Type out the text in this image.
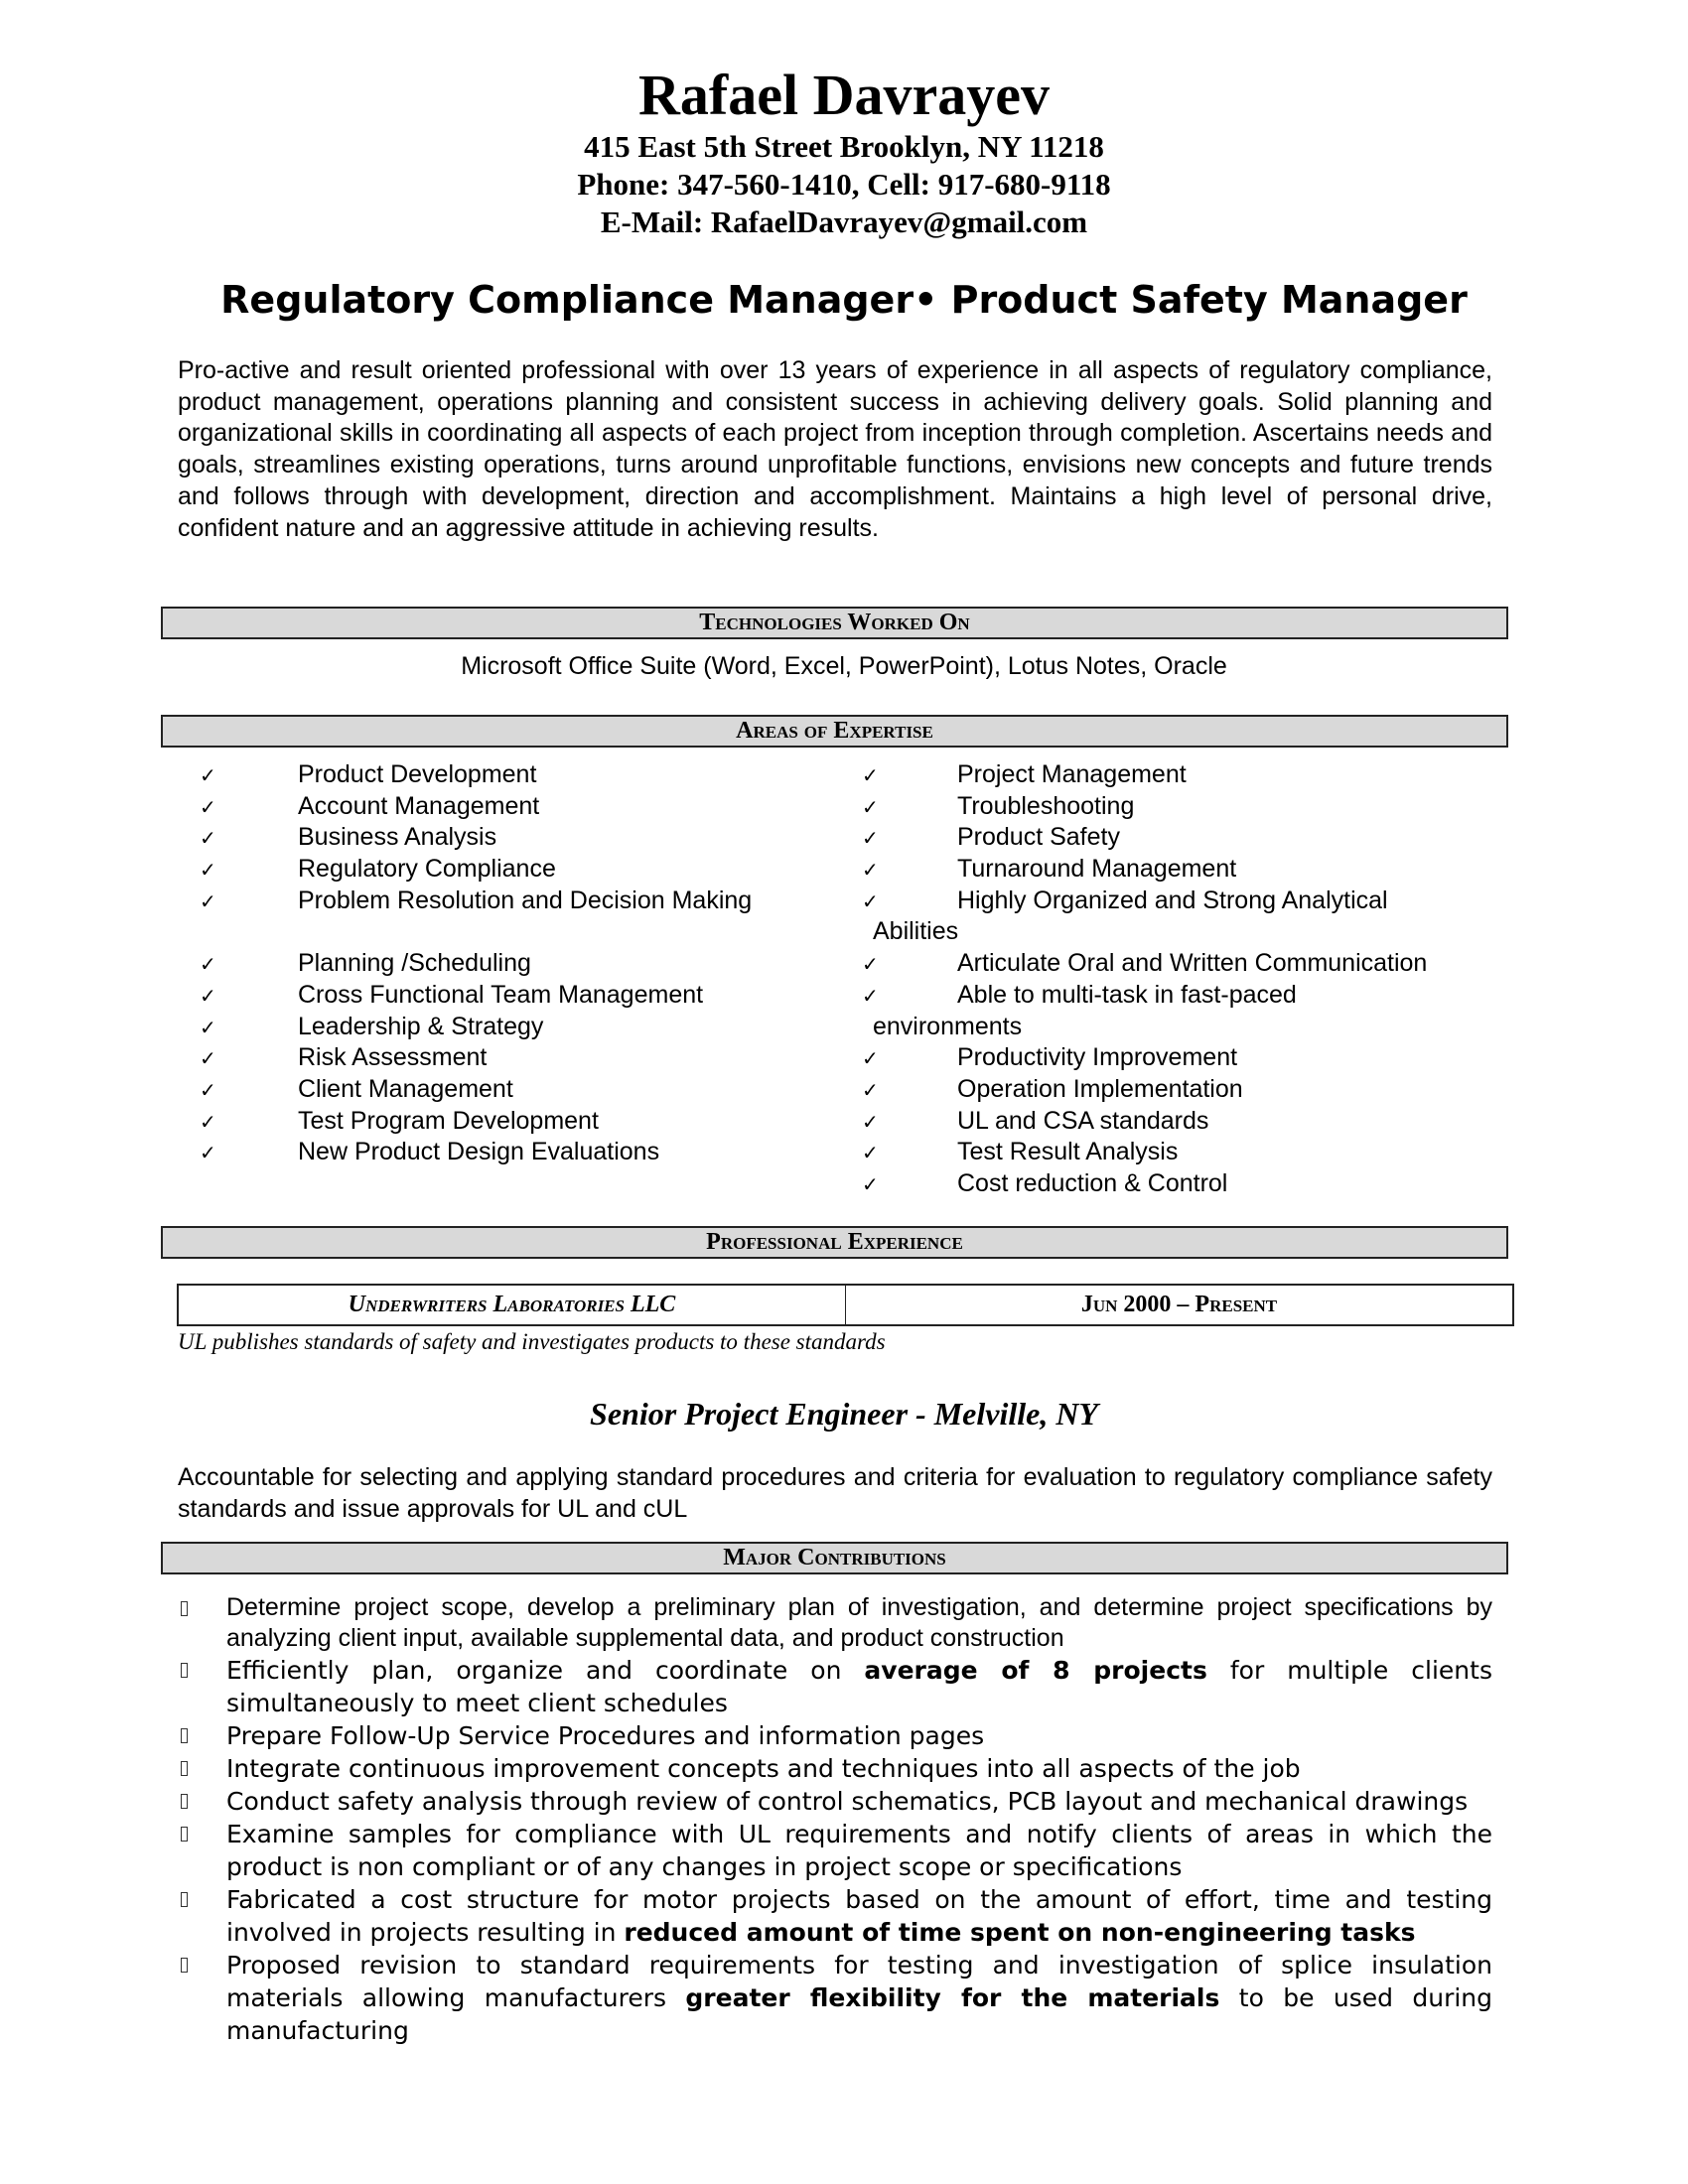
Rafael Davrayev
415 East 5th Street Brooklyn, NY 11218
Phone: 347-560-1410, Cell: 917-680-9118
E-Mail: RafaelDavrayev@gmail.com
Regulatory Compliance Manager• Product Safety Manager
Pro-active and result oriented professional with over 13 years of experience in all aspects of regulatory compliance, product management, operations planning and consistent success in achieving delivery goals. Solid planning and organizational skills in coordinating all aspects of each project from inception through completion. Ascertains needs and goals, streamlines existing operations, turns around unprofitable functions, envisions new concepts and future trends and follows through with development, direction and accomplishment. Maintains a high level of personal drive, confident nature and an aggressive attitude in achieving results.
Technologies Worked On
Microsoft Office Suite (Word, Excel, PowerPoint), Lotus Notes, Oracle
Areas of Expertise
✓	Product Development
✓	Account Management
✓	Business Analysis
✓	Regulatory Compliance
✓	Problem Resolution and Decision Making
✓	Planning /Scheduling
✓	Cross Functional Team Management
✓	Leadership & Strategy
✓	Risk Assessment
✓	Client Management
✓	Test Program Development
✓	New Product Design Evaluations
✓	Project Management
✓	Troubleshooting
✓	Product Safety
✓	Turnaround Management
✓	Highly Organized and Strong Analytical
Abilities
✓	Articulate Oral and Written Communication
✓	Able to multi-task in fast-paced
environments
✓	Productivity Improvement
✓	Operation Implementation
✓	UL and CSA standards
✓	Test Result Analysis
✓	Cost reduction & Control
Professional Experience
Underwriters Laboratories LLC	Jun 2000 – Present
UL publishes standards of safety and investigates products to these standards
Senior Project Engineer - Melville, NY
Accountable for selecting and applying standard procedures and criteria for evaluation to regulatory compliance safety standards and issue approvals for UL and cUL
Major Contributions
Determine project scope, develop a preliminary plan of investigation, and determine project specifications by analyzing client input, available supplemental data, and product construction
Efficiently plan, organize and coordinate on average of 8 projects for multiple clients simultaneously to meet client schedules
Prepare Follow-Up Service Procedures and information pages
Integrate continuous improvement concepts and techniques into all aspects of the job
Conduct safety analysis through review of control schematics, PCB layout and mechanical drawings
Examine samples for compliance with UL requirements and notify clients of areas in which the product is non compliant or of any changes in project scope or specifications
Fabricated a cost structure for motor projects based on the amount of effort, time and testing involved in projects resulting in reduced amount of time spent on non-engineering tasks
Proposed revision to standard requirements for testing and investigation of splice insulation materials allowing manufacturers greater flexibility for the materials to be used during manufacturing
